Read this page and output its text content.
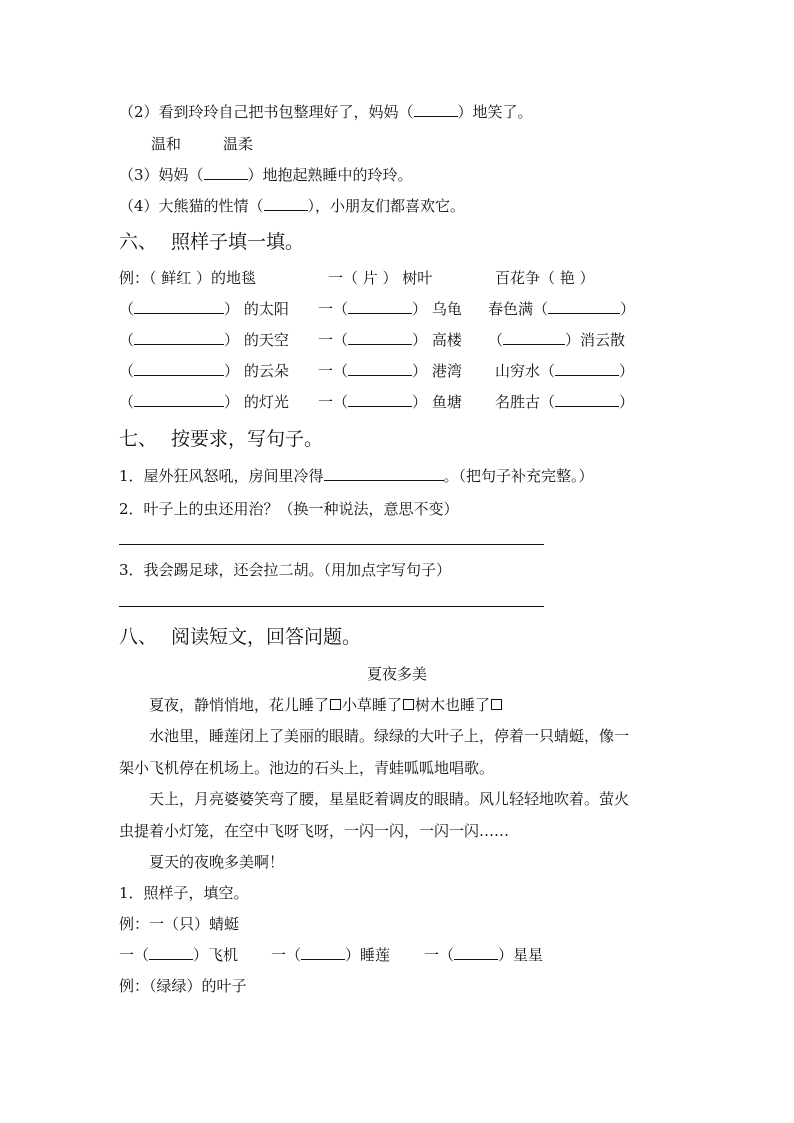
（2）看到玲玲自己把书包整理好了，妈妈（	）地笑了。
温和	温柔
（3）妈妈（	）地抱起熟睡中的玲玲。
（4）大熊猫的性情（	），小朋友们都喜欢它。
六、 照样子填一填。
例：（ 鲜红 ）的地毯	一（ 片 ） 树叶	百花争（ 艳 ）
（	） 的太阳 一（	） 乌龟 春色满（	）
（	） 的天空 一（	） 高楼 （	）消云散
（	） 的云朵 一（	） 港湾 山穷水（	）
（	） 的灯光 一（	） 鱼塘 名胜古（	）
七、 按要求，写句子。
1．屋外狂风怒吼，房间里冷得	。（把句子补充完整。）
2．叶子上的虫还用治？（换一种说法，意思不变）
3．我会踢足球，还会拉二胡。（用加点字写句子）
八、 阅读短文，回答问题。
夏夜多美
夏夜，静悄悄地，花儿睡了 小草睡了 树木也睡了
水池里，睡莲闭上了美丽的眼睛。绿绿的大叶子上，停着一只蜻蜓，像一
架小飞机停在机场上。池边的石头上，青蛙呱呱地唱歌。
天上，月亮婆婆笑弯了腰，星星眨着调皮的眼睛。风儿轻轻地吹着。萤火
虫提着小灯笼，在空中飞呀飞呀，一闪一闪，一闪一闪……
夏天的夜晚多美啊！
1．照样子，填空。
例：一（只）蜻蜓
一（	）飞机 一（	）睡莲 一（	）星星
例：（绿绿）的叶子
